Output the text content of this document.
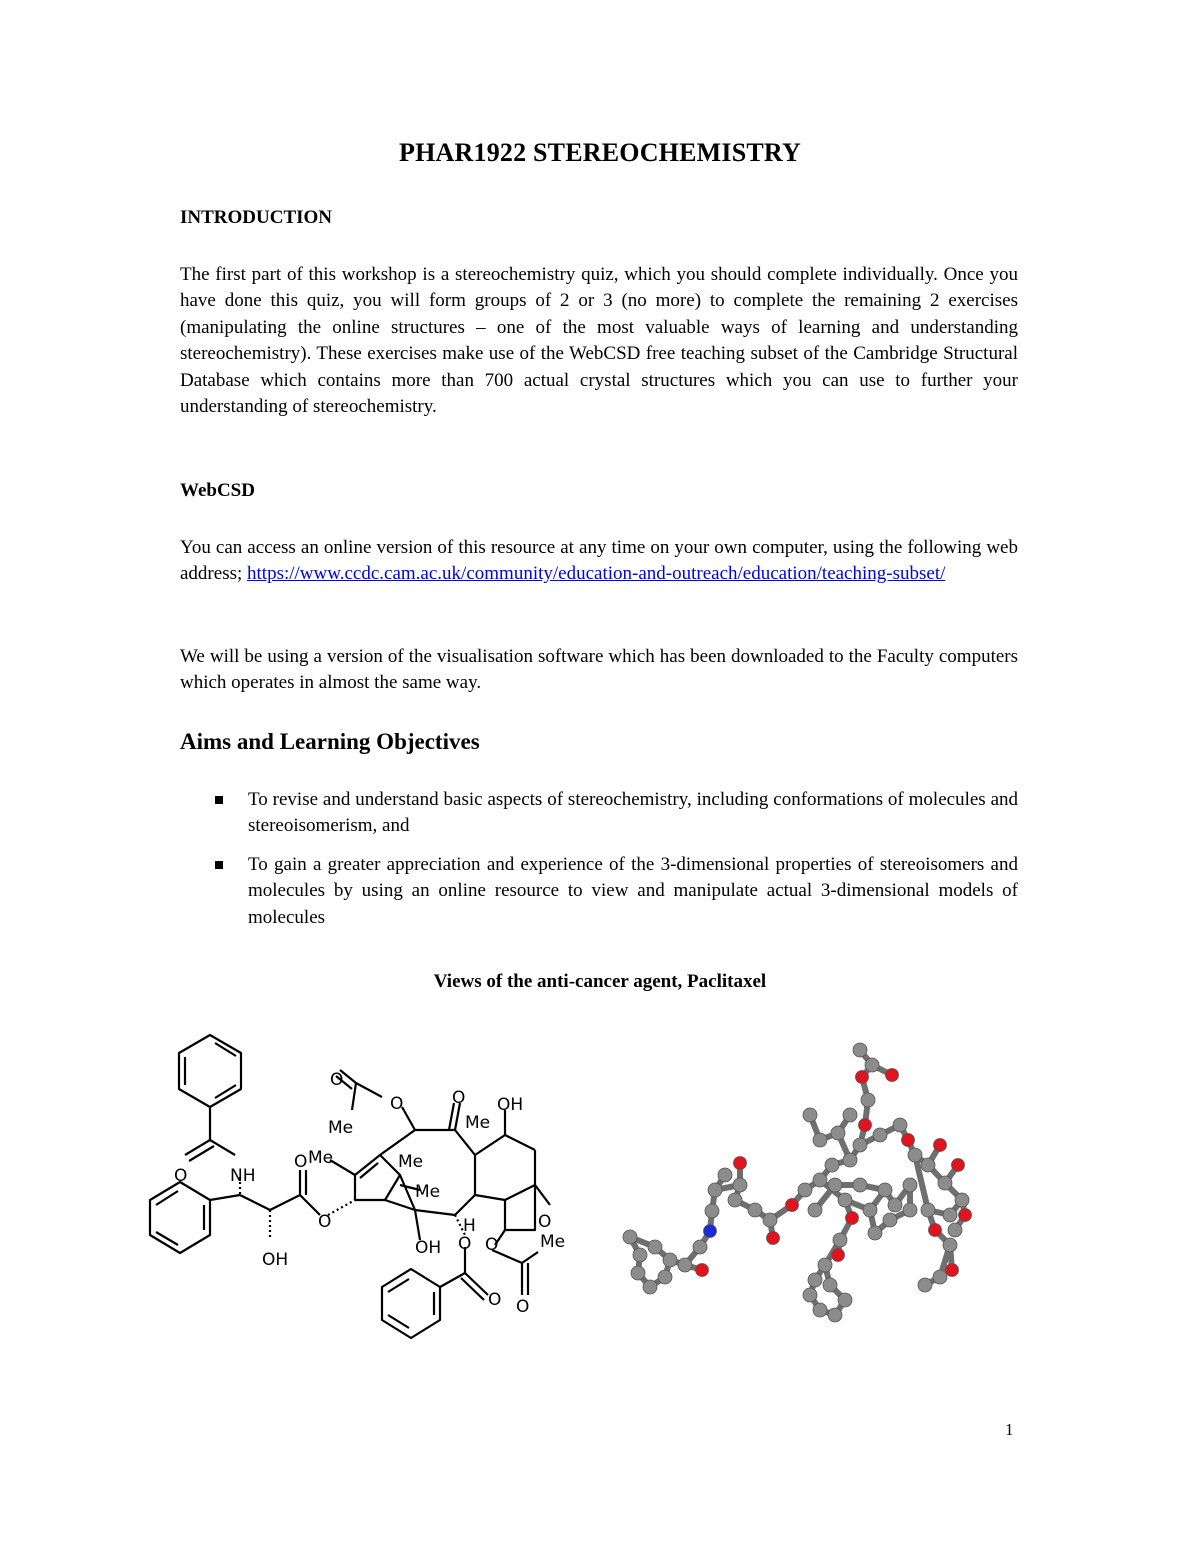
PHAR1922 STEREOCHEMISTRY
INTRODUCTION
The first part of this workshop is a stereochemistry quiz, which you should complete individually. Once you have done this quiz, you will form groups of 2 or 3 (no more) to complete the remaining 2 exercises (manipulating the online structures – one of the most valuable ways of learning and understanding stereochemistry). These exercises make use of the WebCSD free teaching subset of the Cambridge Structural Database which contains more than 700 actual crystal structures which you can use to further your understanding of stereochemistry.
WebCSD
You can access an online version of this resource at any time on your own computer, using the following web address; https://www.ccdc.cam.ac.uk/community/education-and-outreach/education/teaching-subset/
We will be using a version of the visualisation software which has been downloaded to the Faculty computers which operates in almost the same way.
Aims and Learning Objectives
To revise and understand basic aspects of stereochemistry, including conformations of molecules and stereoisomerism, and
To gain a greater appreciation and experience of the 3-dimensional properties of stereoisomers and molecules by using an online resource to view and manipulate actual 3-dimensional models of molecules
Views of the anti-cancer agent, Paclitaxel
O	NH
O
OH
O
Me
Me	Me
Me
Me
Me
O
O	O OH
OH
H	O
O O
O
O
1
